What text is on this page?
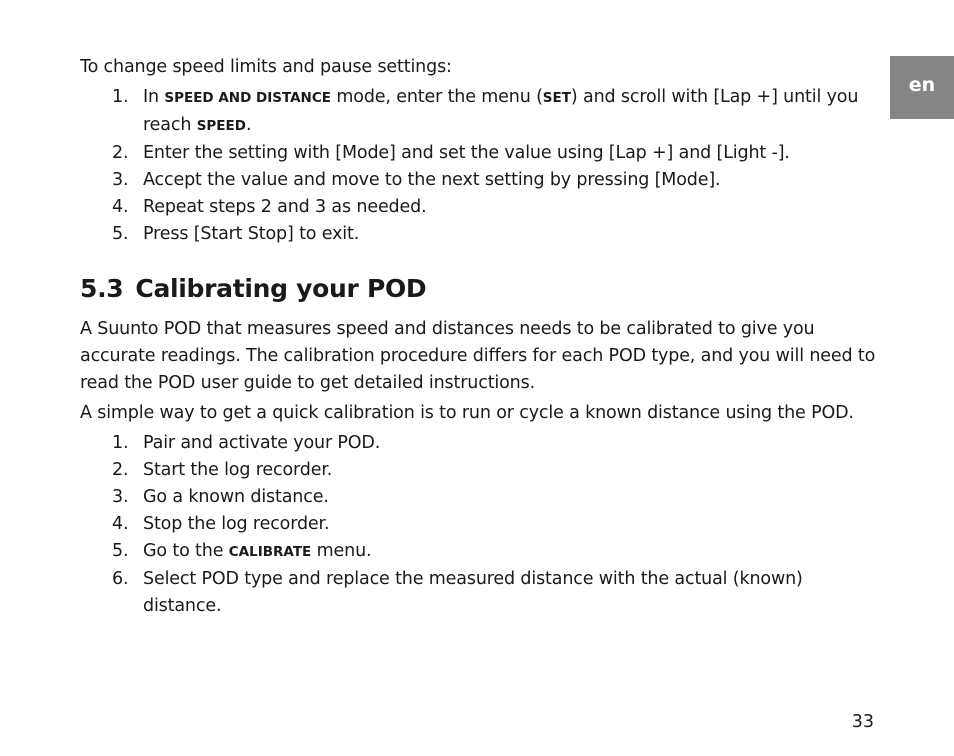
en

To change speed limits and pause settings:

1. In SPEED AND DISTANCE mode, enter the menu (SET) and scroll with [Lap +] until you reach SPEED.
2. Enter the setting with [Mode] and set the value using [Lap +] and [Light -].
3. Accept the value and move to the next setting by pressing [Mode].
4. Repeat steps 2 and 3 as needed.
5. Press [Start Stop] to exit.
5.3 Calibrating your POD

A Suunto POD that measures speed and distances needs to be calibrated to give you accurate readings. The calibration procedure differs for each POD type, and you will need to read the POD user guide to get detailed instructions.

A simple way to get a quick calibration is to run or cycle a known distance using the POD.

1. Pair and activate your POD.
2. Start the log recorder.
3. Go a known distance.
4. Stop the log recorder.
5. Go to the CALIBRATE menu.
6. Select POD type and replace the measured distance with the actual (known) distance.
33
